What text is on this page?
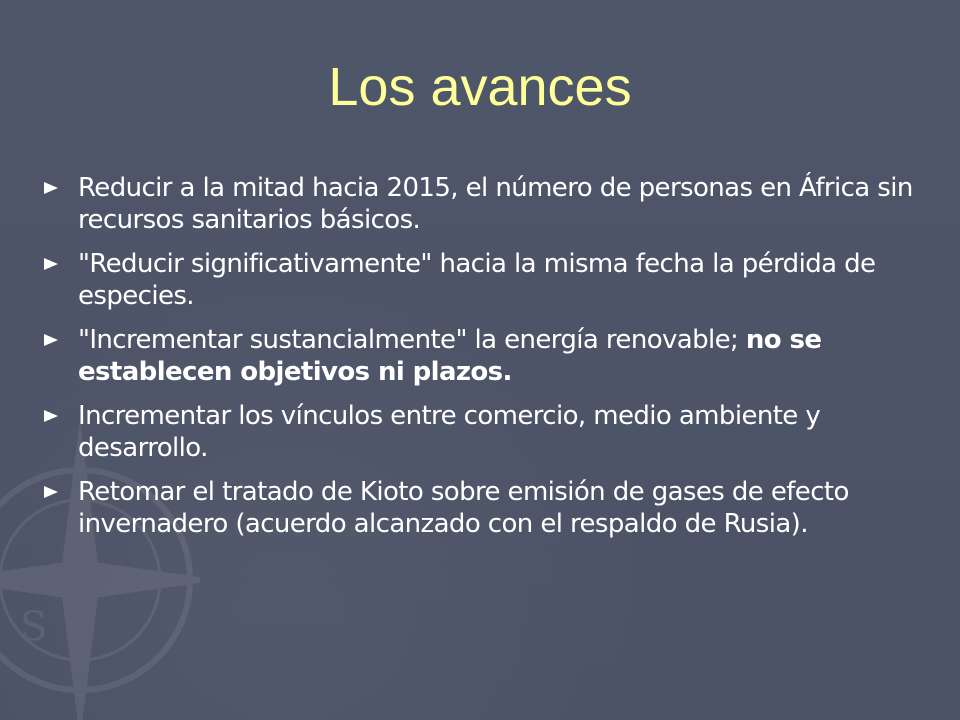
S
Los avances
Reducir a la mitad hacia 2015, el número de personas en África sin recursos sanitarios básicos.
"Reducir significativamente" hacia la misma fecha la pérdida de especies.
"Incrementar sustancialmente" la energía renovable; no se establecen objetivos ni plazos.
Incrementar los vínculos entre comercio, medio ambiente y desarrollo.
Retomar el tratado de Kioto sobre emisión de gases de efecto invernadero (acuerdo alcanzado con el respaldo de Rusia).
